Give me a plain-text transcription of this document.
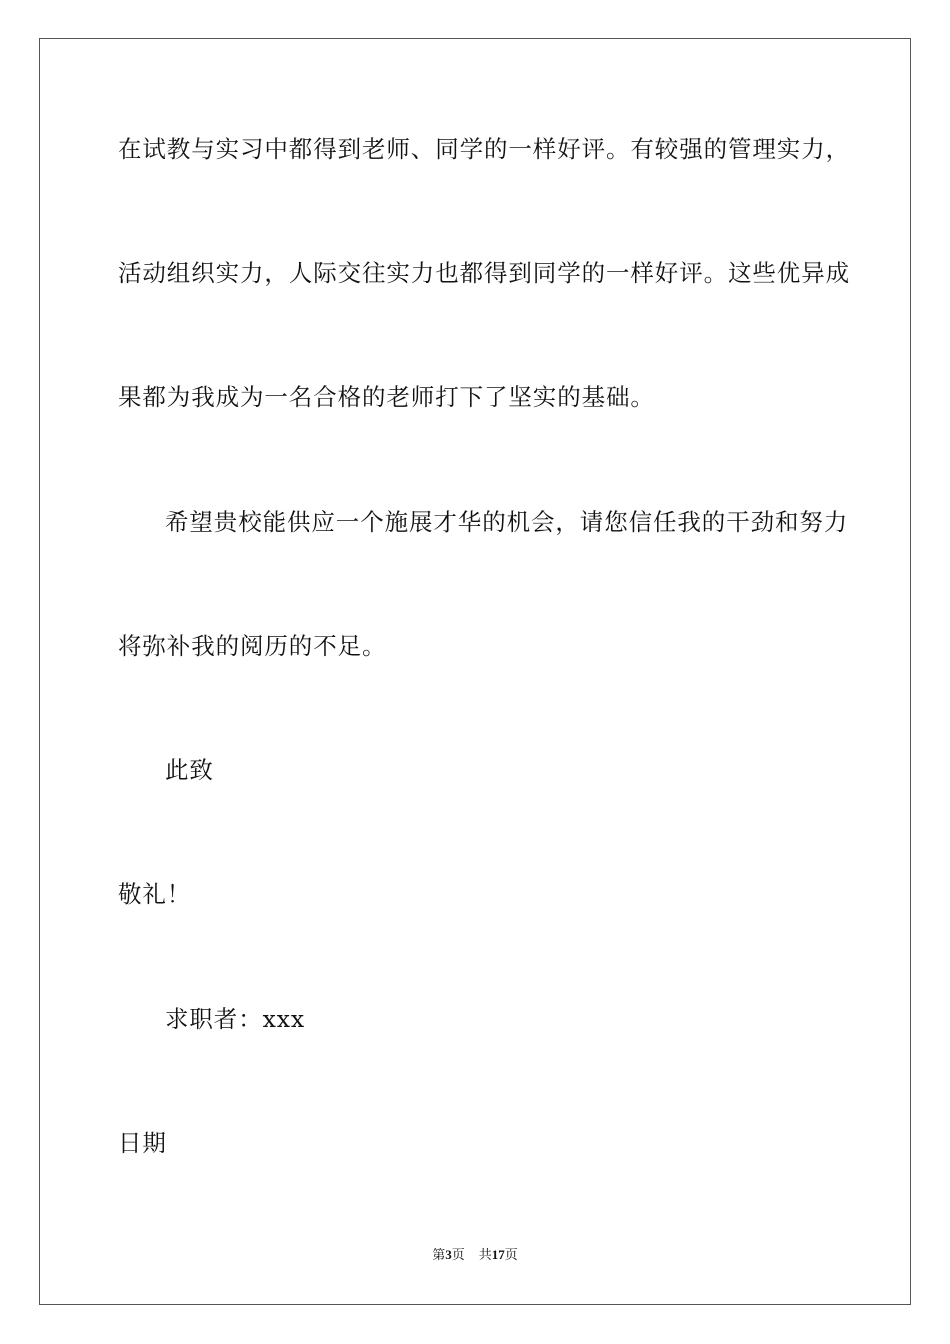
在试教与实习中都得到老师、同学的一样好评。有较强的管理实力，
活动组织实力，人际交往实力也都得到同学的一样好评。这些优异成
果都为我成为一名合格的老师打下了坚实的基础。
希望贵校能供应一个施展才华的机会，请您信任我的干劲和努力
将弥补我的阅历的不足。
此致
敬礼！
求职者：xxx
日期
第3页 共17页
